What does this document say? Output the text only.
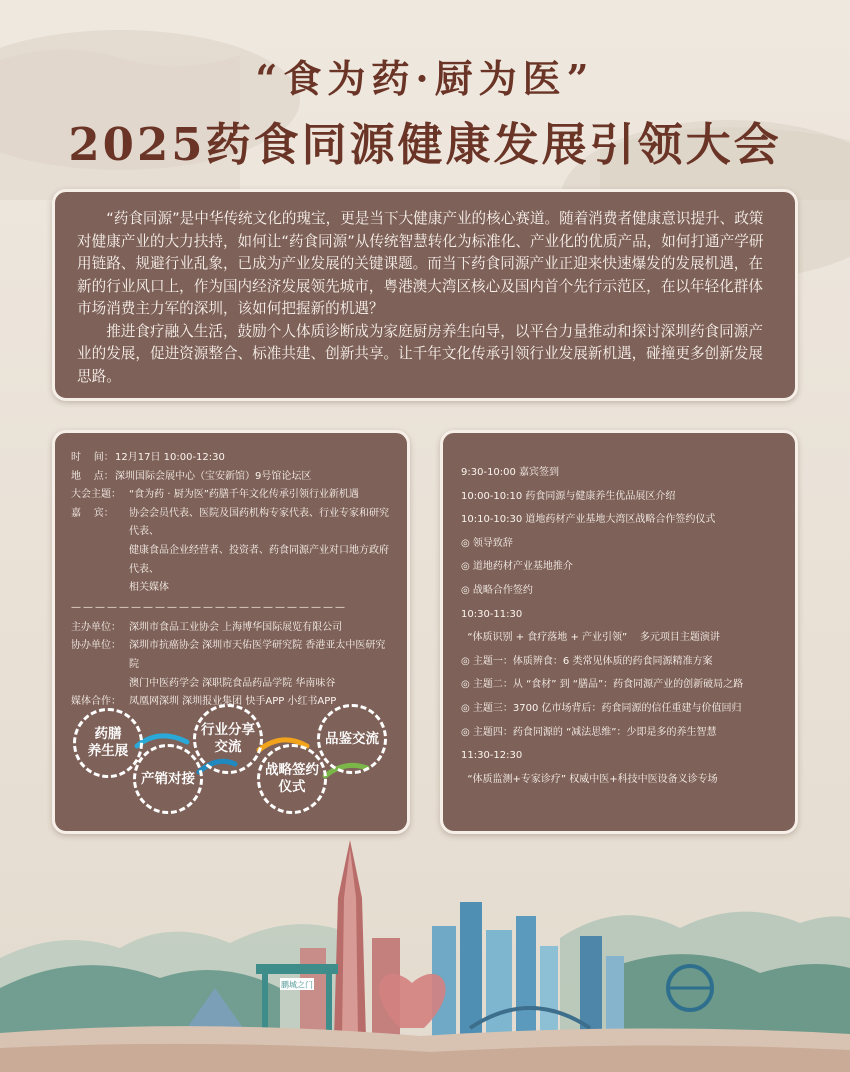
“食为药·厨为医”
2025药食同源健康发展引领大会

“药食同源”是中华传统文化的瑰宝，更是当下大健康产业的核心赛道。随着消费者健康意识提升、政策对健康产业的大力扶持，如何让“药食同源”从传统智慧转化为标准化、产业化的优质产品，如何打通产学研用链路、规避行业乱象，已成为产业发展的关键课题。而当下药食同源产业正迎来快速爆发的发展机遇，在新的行业风口上，作为国内经济发展领先城市，粤港澳大湾区核心及国内首个先行示范区，在以年轻化群体市场消费主力军的深圳，该如何把握新的机遇？

推进食疗融入生活，鼓励个人体质诊断成为家庭厨房养生向导，以平台力量推动和探讨深圳药食同源产业的发展，促进资源整合、标准共建、创新共享。让千年文化传承引领行业发展新机遇，碰撞更多创新发展思路。

时    间： 12月17日 10:00-12:30
地    点： 深圳国际会展中心（宝安新馆）9号馆论坛区
大会主题： “食为药 · 厨为医”药膳千年文化传承引领行业新机遇
嘉    宾：	协会会员代表、医院及国药机构专家代表、行业专家和研究代表、
健康食品企业经营者、投资者、药食同源产业对口地方政府代表、
相关媒体
———————————————————————
主办单位： 深圳市食品工业协会 上海博华国际展览有限公司
协办单位： 深圳市抗癌协会 深圳市天佑医学研究院 香港亚太中医研究院
澳门中医药学会 深职院食品药品学院 华南味谷
媒体合作： 凤凰网深圳 深圳报业集团 快手APP 小红书APP
药膳
养生展
产销对接
行业分享
交流
战略签约
仪式
品鉴交流
9:30-10:00 嘉宾签到
10:00-10:10 药食同源与健康养生优品展区介绍
10:10-10:30 道地药材产业基地大湾区战略合作签约仪式
◎ 领导致辞
◎ 道地药材产业基地推介
◎ 战略合作签约
10:30-11:30
“体质识别 + 食疗落地 + 产业引领”    多元项目主题演讲
◎ 主题一：体质辨食：6 类常见体质的药食同源精准方案
◎ 主题二：从 “食材” 到 “膳品”：药食同源产业的创新破局之路
◎ 主题三：3700 亿市场背后：药食同源的信任重建与价值回归
◎ 主题四：药食同源的 “减法思维”：少即是多的养生智慧
11:30-12:30
“体质监测+专家诊疗” 权威中医+科技中医设备义诊专场
鹏城之门
